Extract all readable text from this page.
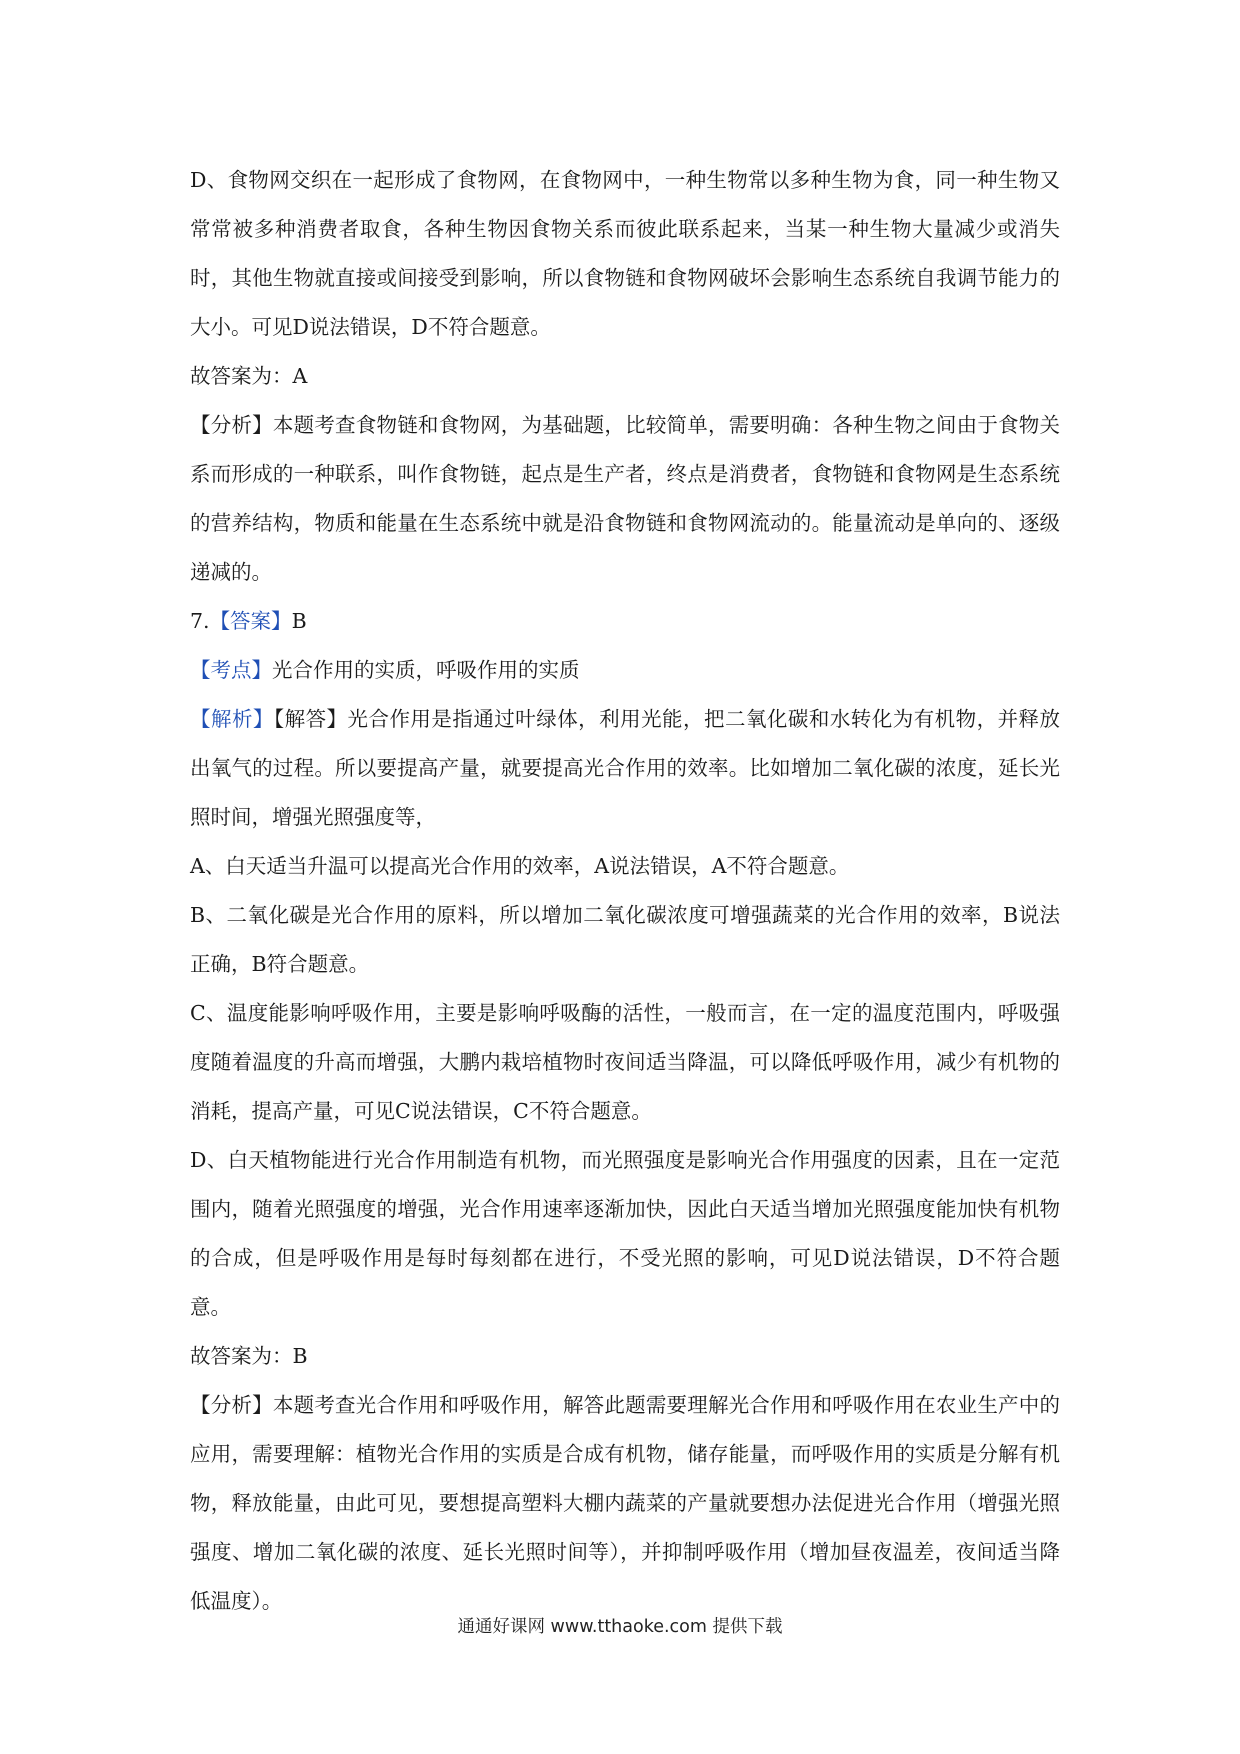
D、食物网交织在一起形成了食物网，在食物网中，一种生物常以多种生物为食，同一种生物又常常被多种消费者取食，各种生物因食物关系而彼此联系起来，当某一种生物大量减少或消失时，其他生物就直接或间接受到影响，所以食物链和食物网破坏会影响生态系统自我调节能力的大小。可见D说法错误，D不符合题意。

故答案为：A

【分析】本题考查食物链和食物网，为基础题，比较简单，需要明确：各种生物之间由于食物关系而形成的一种联系，叫作食物链，起点是生产者，终点是消费者，食物链和食物网是生态系统的营养结构，物质和能量在生态系统中就是沿食物链和食物网流动的。能量流动是单向的、逐级递减的。

7.【答案】B

【考点】光合作用的实质，呼吸作用的实质

【解析】【解答】光合作用是指通过叶绿体，利用光能，把二氧化碳和水转化为有机物，并释放出氧气的过程。所以要提高产量，就要提高光合作用的效率。比如增加二氧化碳的浓度，延长光照时间，增强光照强度等，

A、白天适当升温可以提高光合作用的效率，A说法错误，A不符合题意。

B、二氧化碳是光合作用的原料，所以增加二氧化碳浓度可增强蔬菜的光合作用的效率，B说法正确，B符合题意。

C、温度能影响呼吸作用，主要是影响呼吸酶的活性，一般而言，在一定的温度范围内，呼吸强度随着温度的升高而增强，大鹏内栽培植物时夜间适当降温，可以降低呼吸作用，减少有机物的消耗，提高产量，可见C说法错误，C不符合题意。

D、白天植物能进行光合作用制造有机物，而光照强度是影响光合作用强度的因素，且在一定范围内，随着光照强度的增强，光合作用速率逐渐加快，因此白天适当增加光照强度能加快有机物的合成，但是呼吸作用是每时每刻都在进行，不受光照的影响，可见D说法错误，D不符合题意。

故答案为：B

【分析】本题考查光合作用和呼吸作用，解答此题需要理解光合作用和呼吸作用在农业生产中的应用，需要理解：植物光合作用的实质是合成有机物，储存能量，而呼吸作用的实质是分解有机物，释放能量，由此可见，要想提高塑料大棚内蔬菜的产量就要想办法促进光合作用（增强光照强度、增加二氧化碳的浓度、延长光照时间等），并抑制呼吸作用（增加昼夜温差，夜间适当降低温度）。

通通好课网 www.tthaoke.com 提供下载
